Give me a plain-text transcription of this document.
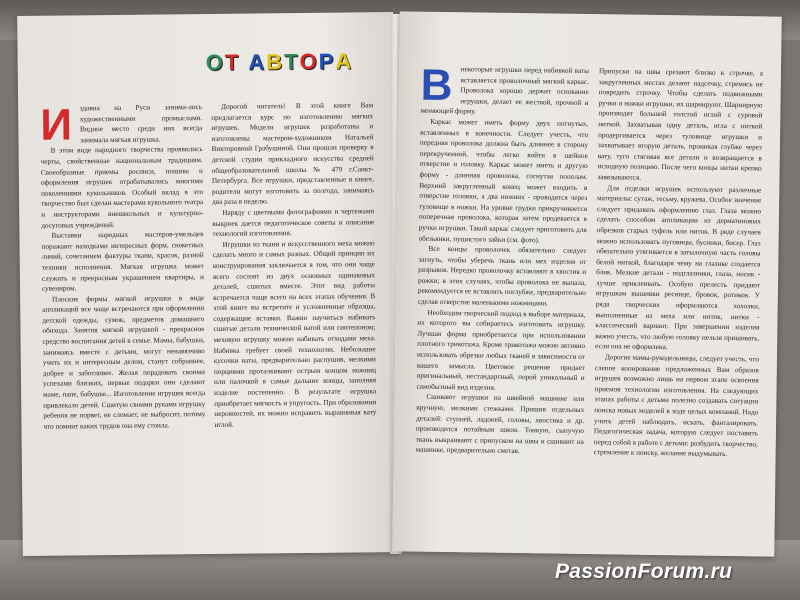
О Т А В Т О Р А
И	здавна на Руси занима-лись художественными промыслами. Видное место среди них всегда занимала мягкая игрушка.

В этом виде народного творчества проявились черты, свойственные национальным традициям. Своеобразные приемы росписи, пошива и оформления игрушек отрабатывались многими поколениями кукольников. Особый вклад в это творчество был сделан мастерами кукольного театра и инструкторами внешкольных и культурно-досуговых учреждений.

Выставки народных мастеров-умельцев поражают находками интересных форм, сюжетных линий, сочетанием фактуры ткани, красок, разной техники исполнения. Мягкая игрушка может служить и прекрасным украшением квартиры, и сувениром.

Плоские формы мягкой игрушки в виде аппликаций все чаще встречаются при оформлении детской одежды, сумок, предметов домашнего обихода. Занятия мягкой игрушкой - прекрасное средство воспитания детей в семье. Мамы, бабушки, занимаясь вместе с детьми, могут ненавязчиво учить их и интересным делом, станут собраннее, добрее и заботливее. Желая порадовать своими успехами близких, первые подарки они сделают маме, папе, бабушке... Изготовление игрушек всегда привлекало детей. Сшитую своими руками игрушку ребенок не порвет, не сломает, не выбросит, потому что помнит каких трудов она ему стоила.

Дорогой читатель! В этой книге Вам предлагается курс по изготовлению мягких игрушек. Модели игрушек разработаны и изготовлены мастером-художником Натальей Викторовной Грабушиной. Они прошли проверку в детской студии прикладного искусства средней общеобразовательной школы № 479 г.Санкт-Петербурга. Все игрушки, представленные в книге, родители могут изготовить за полгода, занимаясь два раза в неделю.

Наряду с цветными фотографиями и чертежами выкроек дается педагогическое советы и описание технологий изготовления.

Игрушки из ткани и искусственного меха можно сделать много и самых разных. Общий принцип их конструирования заключается в том, что они чаще всего состоят из двух основных одинаковых деталей, сшитых вместе. Этот вид работы встречается чаще всего на всех этапах обучения. В этой книге вы встретите и усложненные образцы, содержащие вставки. Важно научиться набивать сшитые детали технической ватой или синтепоном; меховую игрушку можно набивать отходами меха. Набивка требует своей технологии. Небольшие кусочки ваты, предварительно распушив, мелкими порциями проталкивают острым концом ножниц или палочкой в самые дальние концы, заполняя изделие постепенно. В результате игрушка приобретает мягкость и упругость. При образовании неровностей, их можно исправить выравнивая вату иглой.

В	некоторые игрушки перед набивкой ваты вставляется проволочный мягкий каркас. Проволока хорошо держит основание игрушки, делает ее жесткой, прочной и меняющей форму.

Каркас может иметь форму двух погнутых, вставленных в конечности. Следует учесть, что передняя проволока должна быть длиннее в сторону перекрученной, чтобы легко войти в шейное отверстие и головку. Каркас может иметь и другую форму - длинная проволока, согнутая пополам. Верхний закругленный конец может входить в отверстие головки, а два нижних - проводятся через туловище в ножки. На уровне грудки прикручивается поперечная проволока, которая затем продевается в ручки игрушки. Такой каркас следует приготовить для обезьянки, пушистого зайки (см. фото).

Все концы проволочек обязательно следует загнуть, чтобы уберечь ткань или мех изделия от разрывов. Нередко проволочку вставляют в хвостик и рожки; в этих случаях, чтобы проволока не выпала, рекомендуется ее вставлять поглубже, предварительно сделав отверстие маленькими ножницами.

Необходим творческий подход в выборе материала, из которого вы собираетесь изготовить игрушку. Лучшая форма приобретается при использовании плотного трикотажа. Кроме трикотажа можно активно использовать обрезки любых тканей в зависимости от вашего замысла. Цветовое решение придает оригинальный, нестандартный, порой уникальный и самобытный вид изделия.

Сшивают игрушки на швейной машинке или вручную, мелкими стежками. Пришив отдельных деталей: ступней, ладоней, головы, хвостика и др. производится потайным швом. Тонкую, сыпучую ткань выкраивают с припуском на швы и сшивают на машинке, предварительно сметав.

Припуски на швы срезают близко к строчке, а закругленных местах делают надсечку, стремясь не повредить строчку. Чтобы сделать подвижными ручки и ножки игрушки, их шарнируют. Шарнирную производят большой толстой иглой с суровой ниткой. Захватывая одну деталь, игла с ниткой продергивается через туловище игрушки и захватывает вторую деталь, проникая глубже через вату, туго стягивая все детали и возвращается в исходную позицию. После чего концы нитки крепко завязываются.

Для отделки игрушек используют различные материалы: сутаж, тесьму, кружева. Особое значение следует придавать оформлению глаз. Глаза можно сделать способом аппликации из дерматиновых обрезков старых туфель или ниток. В ряде случаев можно использовать пуговицы, бусинки, бисер. Глаз обязательно утягивается в затылочную часть головы белой ниткой, благодаря чему на глазике создается блик. Мелкие детали - подглазники, глаза, носик - лучше приклеивать. Особую прелесть придают игрушкам вышивки реснице, бровок, ротиков. У ряда творческих оформляются хохолки, выполненные из меха или ниток, нитки - классический вариант. При завершении изделия важно учесть, что любую головку нельзя пришивать, если она не оформлена.

Дорогие мамы-рукодельницы, следует учесть, что слепое копирование предложенных Вам образов игрушек возможно лишь на первом этапе освоения приемов технологии изготовления. На следующих этапах работы с детьми полезно создавать ситуации поиска новых моделей в ходе целых компаний. Надо учить детей наблюдать, искать, фантазировать. Педагогическая задача, которую следует поставить перед собой в работе с детьми: разбудить творчество, стремление к поиску, желание выдумывать.

PassionForum.ru
